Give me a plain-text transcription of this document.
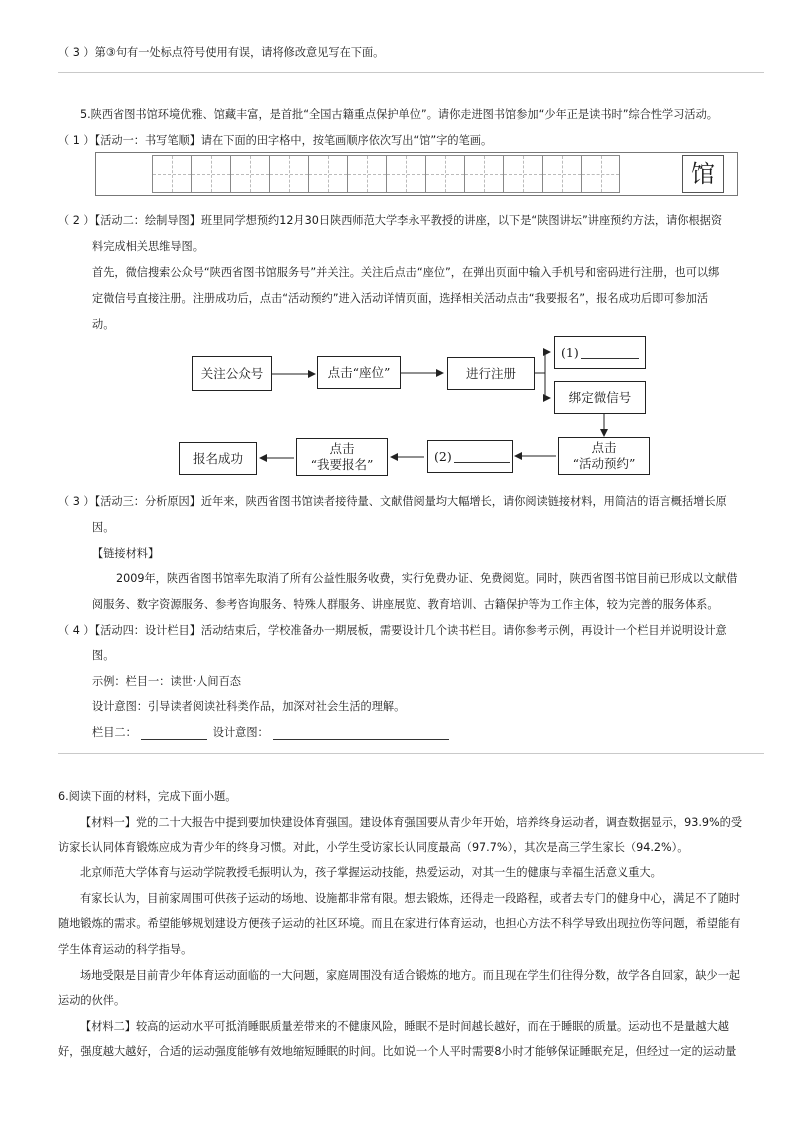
（ 3 ）第③句有一处标点符号使用有误，请将修改意见写在下面。
5.陕西省图书馆环境优雅、馆藏丰富，是首批“全国古籍重点保护单位”。请你走进图书馆参加“少年正是读书时”综合性学习活动。
（ 1 ）【活动一：书写笔顺】请在下面的田字格中，按笔画顺序依次写出“馆”字的笔画。
馆
（ 2 ）【活动二：绘制导图】班里同学想预约12月30日陕西师范大学李永平教授的讲座，以下是“陕图讲坛”讲座预约方法，请你根据资
料完成相关思维导图。
首先，微信搜索公众号“陕西省图书馆服务号”并关注。关注后点击“座位”，在弹出页面中输入手机号和密码进行注册，也可以绑
定微信号直接注册。注册成功后，点击“活动预约”进入活动详情页面，选择相关活动点击“我要报名”，报名成功后即可参加活
动。
关注公众号	点击“座位”	进行注册
(1)
绑定微信号
点击
“活动预约”
(2)
点击
“我要报名”
报名成功
（ 3 ）【活动三：分析原因】近年来，陕西省图书馆读者接待量、文献借阅量均大幅增长，请你阅读链接材料，用简洁的语言概括增长原
因。
【链接材料】
2009年，陕西省图书馆率先取消了所有公益性服务收费，实行免费办证、免费阅览。同时，陕西省图书馆目前已形成以文献借
阅服务、数字资源服务、参考咨询服务、特殊人群服务、讲座展览、教育培训、古籍保护等为工作主体，较为完善的服务体系。
（ 4 ）【活动四：设计栏目】活动结束后，学校准备办一期展板，需要设计几个读书栏目。请你参考示例，再设计一个栏目并说明设计意
图。
示例：栏目一：读世·人间百态
设计意图：引导读者阅读社科类作品，加深对社会生活的理解。
栏目二：	设计意图：
6.阅读下面的材料，完成下面小题。
【材料一】党的二十大报告中提到要加快建设体育强国。建设体育强国要从青少年开始，培养终身运动者，调查数据显示，93.9%的受
访家长认同体育锻炼应成为青少年的终身习惯。对此，小学生受访家长认同度最高（97.7%），其次是高三学生家长（94.2%）。
北京师范大学体育与运动学院教授毛振明认为，孩子掌握运动技能，热爱运动，对其一生的健康与幸福生活意义重大。
有家长认为，目前家周围可供孩子运动的场地、设施都非常有限。想去锻炼，还得走一段路程，或者去专门的健身中心，满足不了随时
随地锻炼的需求。希望能够规划建设方便孩子运动的社区环境。而且在家进行体育运动，也担心方法不科学导致出现拉伤等问题，希望能有
学生体育运动的科学指导。
场地受限是目前青少年体育运动面临的一大问题，家庭周围没有适合锻炼的地方。而且现在学生们往得分数，故学各自回家，缺少一起
运动的伙伴。
【材料二】较高的运动水平可抵消睡眠质量差带来的不健康风险，睡眠不是时间越长越好，而在于睡眠的质量。运动也不是量越大越
好，强度越大越好，合适的运动强度能够有效地缩短睡眠的时间。比如说一个人平时需要8小时才能够保证睡眠充足，但经过一定的运动量
